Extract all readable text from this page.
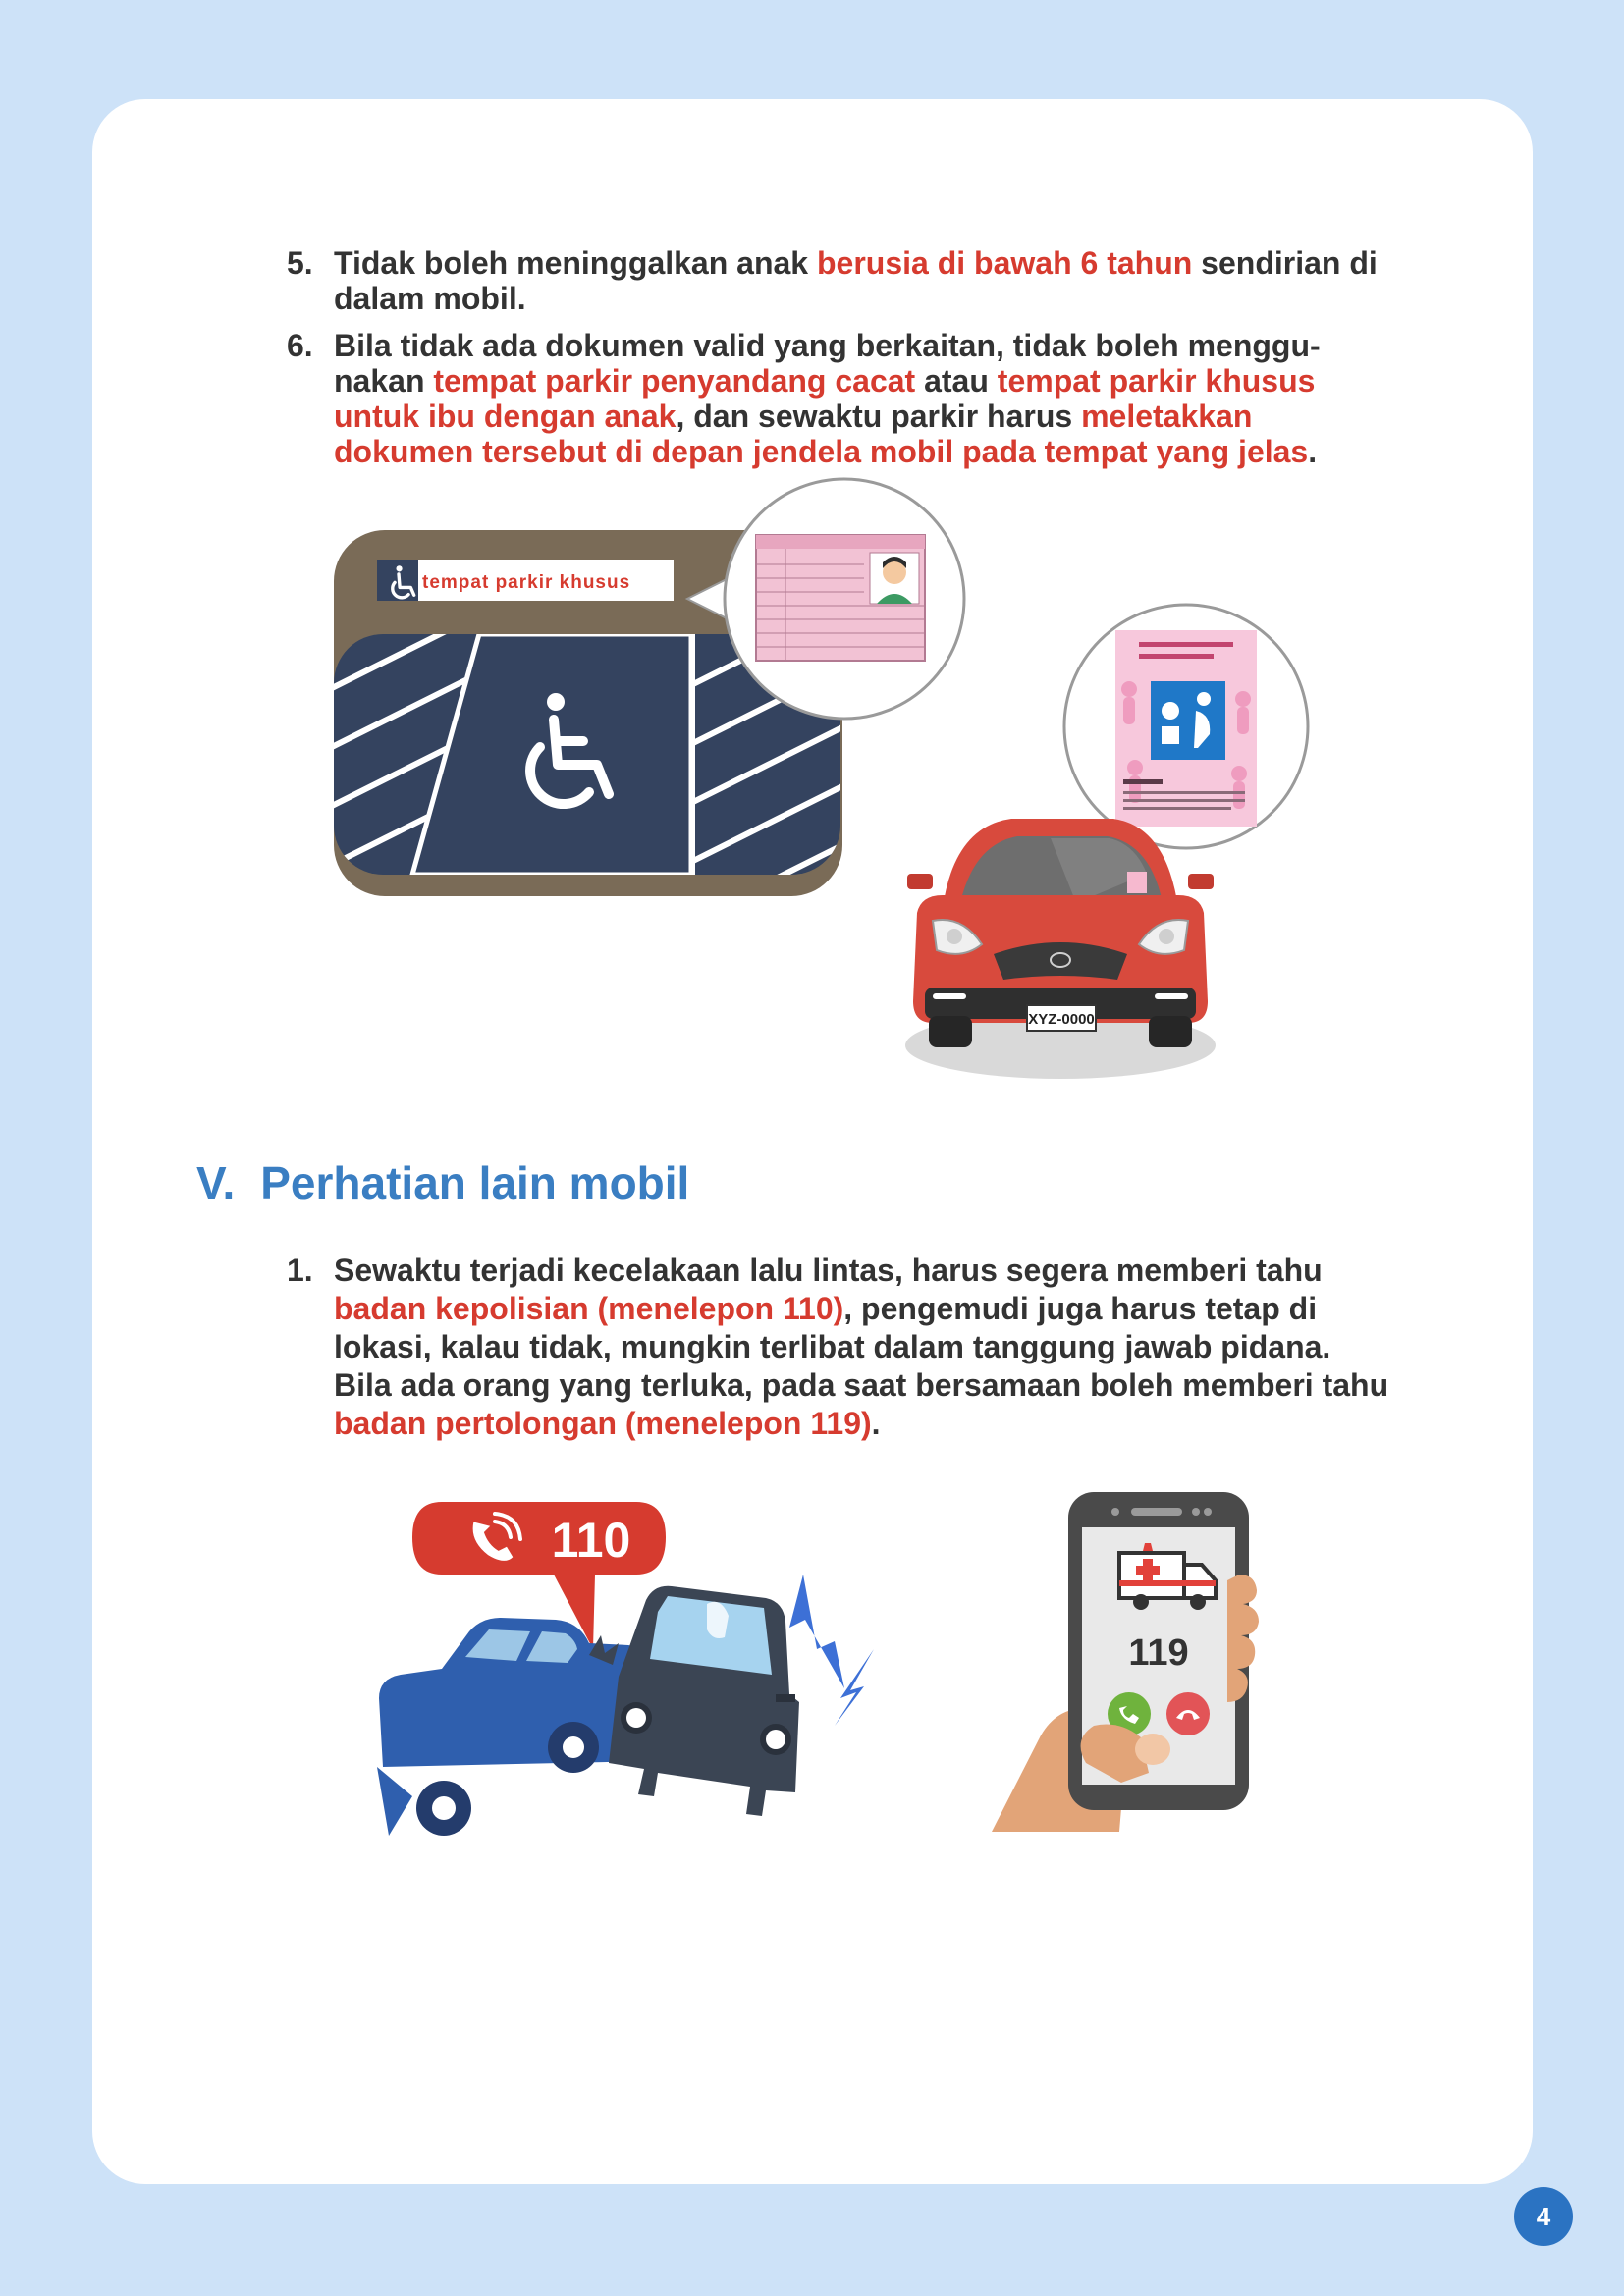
5. Tidak boleh meninggalkan anak berusia di bawah 6 tahun sendirian di dalam mobil.
6. Bila tidak ada dokumen valid yang berkaitan, tidak boleh menggu-nakan tempat parkir penyandang cacat atau tempat parkir khusus untuk ibu dengan anak, dan sewaktu parkir harus meletakkan dokumen tersebut di depan jendela mobil pada tempat yang jelas.
tempat parkir khusus
XYZ-0000
V. Perhatian lain mobil
1. Sewaktu terjadi kecelakaan lalu lintas, harus segera memberi tahu badan kepolisian (menelepon 110), pengemudi juga harus tetap di lokasi, kalau tidak, mungkin terlibat dalam tanggung jawab pidana. Bila ada orang yang terluka, pada saat bersamaan boleh memberi tahu badan pertolongan (menelepon 119).
110
119
4
